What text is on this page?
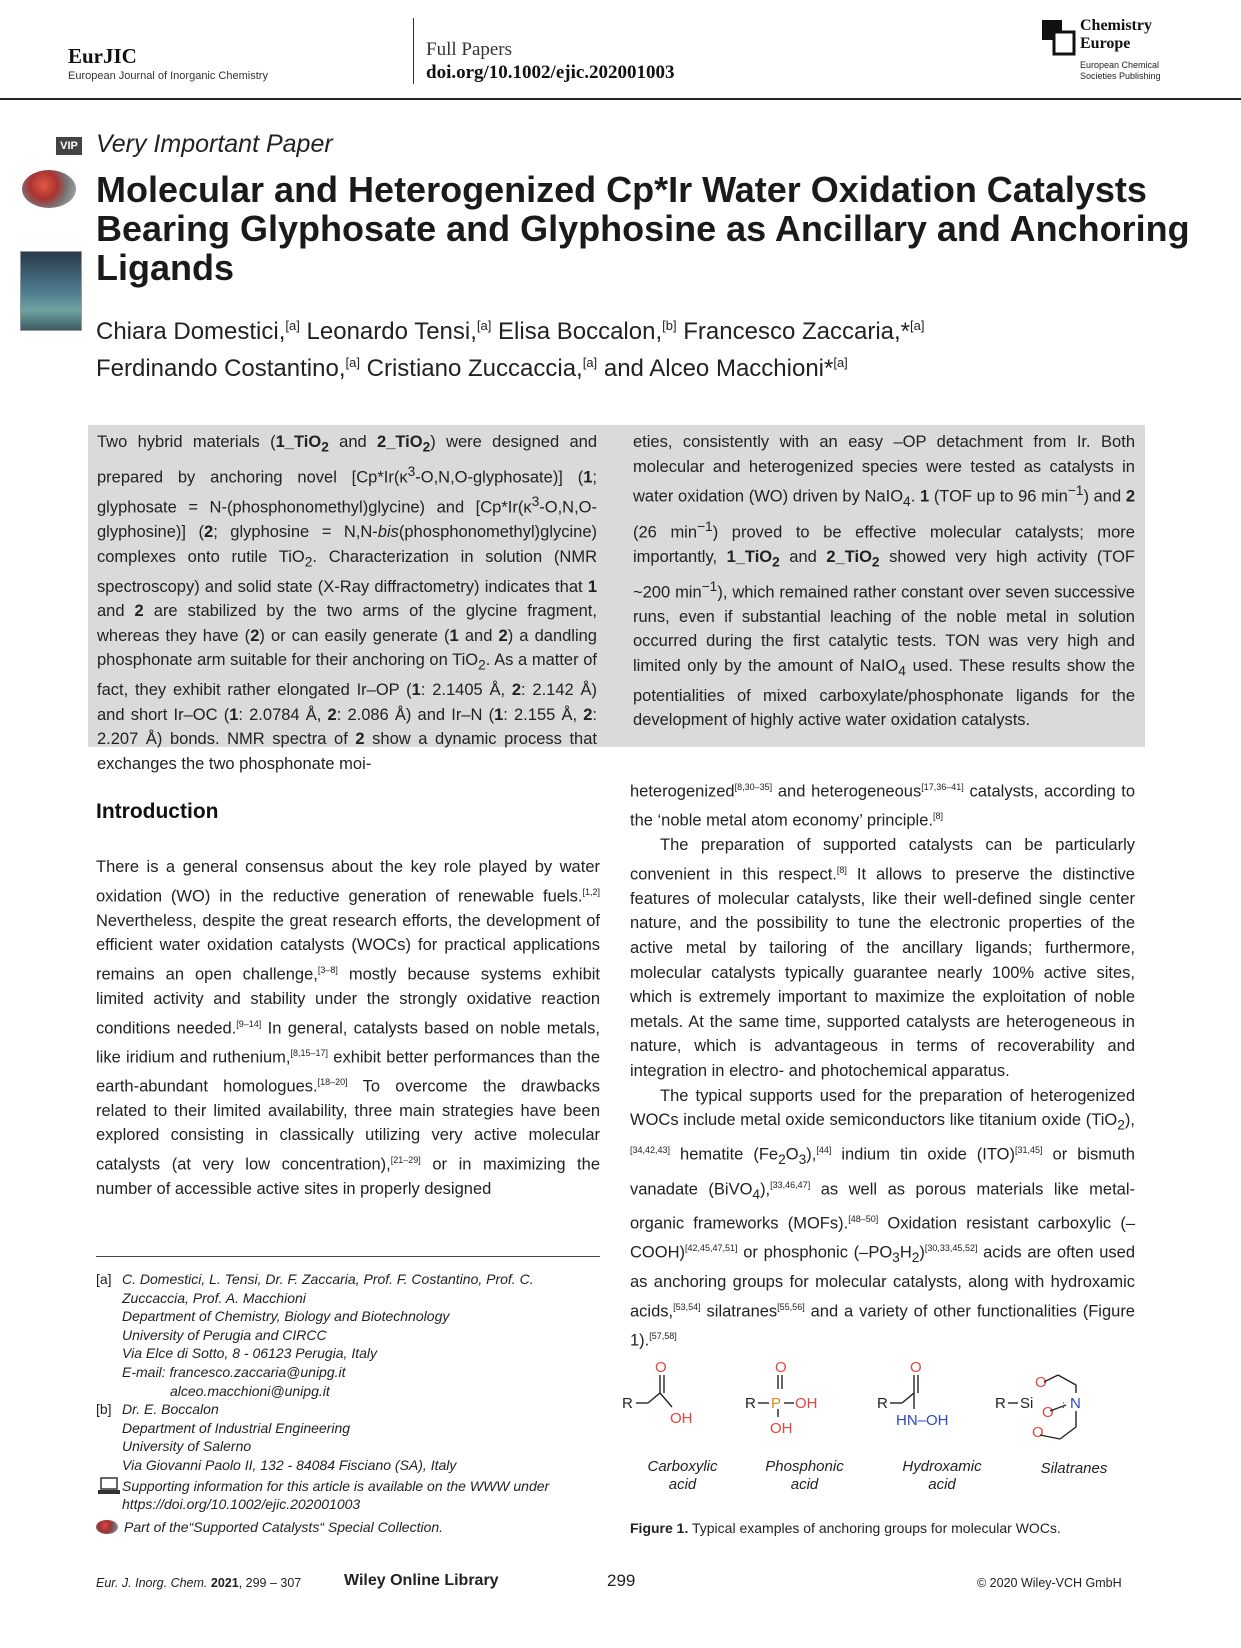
EurJIC
European Journal of Inorganic Chemistry
Full Papers
doi.org/10.1002/ejic.202001003
Chemistry
Europe
European Chemical
Societies Publishing
VIP Very Important Paper
Molecular and Heterogenized Cp*Ir Water Oxidation Catalysts Bearing Glyphosate and Glyphosine as Ancillary and Anchoring Ligands
Chiara Domestici,[a] Leonardo Tensi,[a] Elisa Boccalon,[b] Francesco Zaccaria,*[a]
Ferdinando Costantino,[a] Cristiano Zuccaccia,[a] and Alceo Macchioni*[a]
Two hybrid materials (1_TiO$_2$ and 2_TiO$_2$) were designed and prepared by anchoring novel $[Cp*Ir(\kappa^3-O,N,O-glyphosate)]$ (1; glyphosate = N-(phosphonomethyl)glycine) and $[Cp*Ir(\kappa^3-O,N,O-glyphosine)]$ (2; glyphosine = N,N-bis(phosphonomethyl)glycine) complexes onto rutile TiO$_2$. Characterization in solution (NMR spectroscopy) and solid state (X-Ray diffractometry) indicates that 1 and 2 are stabilized by the two arms of the glycine fragment, whereas they have (2) or can easily generate (1 and 2) a dandling phosphonate arm suitable for their anchoring on TiO$_2$. As a matter of fact, they exhibit rather elongated Ir–OP (1: 2.1405 Å, 2: 2.142 Å) and short Ir–OC (1: 2.0784 Å, 2: 2.086 Å) and Ir–N (1: 2.155 Å, 2: 2.207 Å) bonds. NMR spectra of 2 show a dynamic process that exchanges the two phosphonate moi-
eties, consistently with an easy –OP detachment from Ir. Both molecular and heterogenized species were tested as catalysts in water oxidation (WO) driven by NaIO$_4$. 1 (TOF up to 96 $\min^{-1}$) and 2 (26 $\min^{-1}$) proved to be effective molecular catalysts; more importantly, 1_TiO$_2$ and 2_TiO$_2$ showed very high activity (TOF ~200 $\min^{-1}$), which remained rather constant over seven successive runs, even if substantial leaching of the noble metal in solution occurred during the first catalytic tests. TON was very high and limited only by the amount of NaIO$_4$ used. These results show the potentialities of mixed carboxylate/phosphonate ligands for the development of highly active water oxidation catalysts.
Introduction

There is a general consensus about the key role played by water oxidation (WO) in the reductive generation of renewable fuels.[1,2] Nevertheless, despite the great research efforts, the development of efficient water oxidation catalysts (WOCs) for practical applications remains an open challenge,[3–8] mostly because systems exhibit limited activity and stability under the strongly oxidative reaction conditions needed.[9–14] In general, catalysts based on noble metals, like iridium and ruthenium,[8,15–17] exhibit better performances than the earth-abundant homologues.[18–20] To overcome the drawbacks related to their limited availability, three main strategies have been explored consisting in classically utilizing very active molecular catalysts (at very low concentration),[21–29] or in maximizing the number of accessible active sites in properly designed

heterogenized[8,30–35] and heterogeneous[17,36–41] catalysts, according to the ‘noble metal atom economy’ principle.[8]

The preparation of supported catalysts can be particularly convenient in this respect.[8] It allows to preserve the distinctive features of molecular catalysts, like their well-defined single center nature, and the possibility to tune the electronic properties of the active metal by tailoring of the ancillary ligands; furthermore, molecular catalysts typically guarantee nearly 100% active sites, which is extremely important to maximize the exploitation of noble metals. At the same time, supported catalysts are heterogeneous in nature, which is advantageous in terms of recoverability and integration in electro- and photochemical apparatus.

The typical supports used for the preparation of heterogenized WOCs include metal oxide semiconductors like titanium oxide (TiO$_2$),[34,42,43] hematite $(Fe_2O_3),[44]$ indium tin oxide (ITO)[31,45] or bismuth vanadate (BiVO$_4$),[33,46,47] as well as porous materials like metal-organic frameworks (MOFs).[48–50] Oxidation resistant carboxylic (–COOH)[42,45,47,51] or phosphonic $(-PO_3H_2)[30,33,45,52]$ acids are often used as anchoring groups for molecular catalysts, along with hydroxamic acids,[53,54] silatranes[55,56] and a variety of other functionalities (Figure 1).[57,58]

[a] C. Domestici, L. Tensi, Dr. F. Zaccaria, Prof. F. Costantino, Prof. C. Zuccaccia, Prof. A. Macchioni
Department of Chemistry, Biology and Biotechnology
University of Perugia and CIRCC
Via Elce di Sotto, 8 - 06123 Perugia, Italy
E-mail: francesco.zaccaria@unipg.it
alceo.macchioni@unipg.it
[b] Dr. E. Boccalon
Department of Industrial Engineering
University of Salerno
Via Giovanni Paolo II, 132 - 84084 Fisciano (SA), Italy
Supporting information for this article is available on the WWW under https://doi.org/10.1002/ejic.202001003
Part of the“Supported Catalysts“ Special Collection.
R
O
OH
R P
O
OH
OH
R
O
HN–OH
R Si
O
O
O
N
:
Carboxylic
acid
Phosphonic
acid
Hydroxamic
acid
Silatranes
Figure 1. Typical examples of anchoring groups for molecular WOCs.
Eur. J. Inorg. Chem. 2021, 299 – 307	Wiley Online Library	299	© 2020 Wiley-VCH GmbH
